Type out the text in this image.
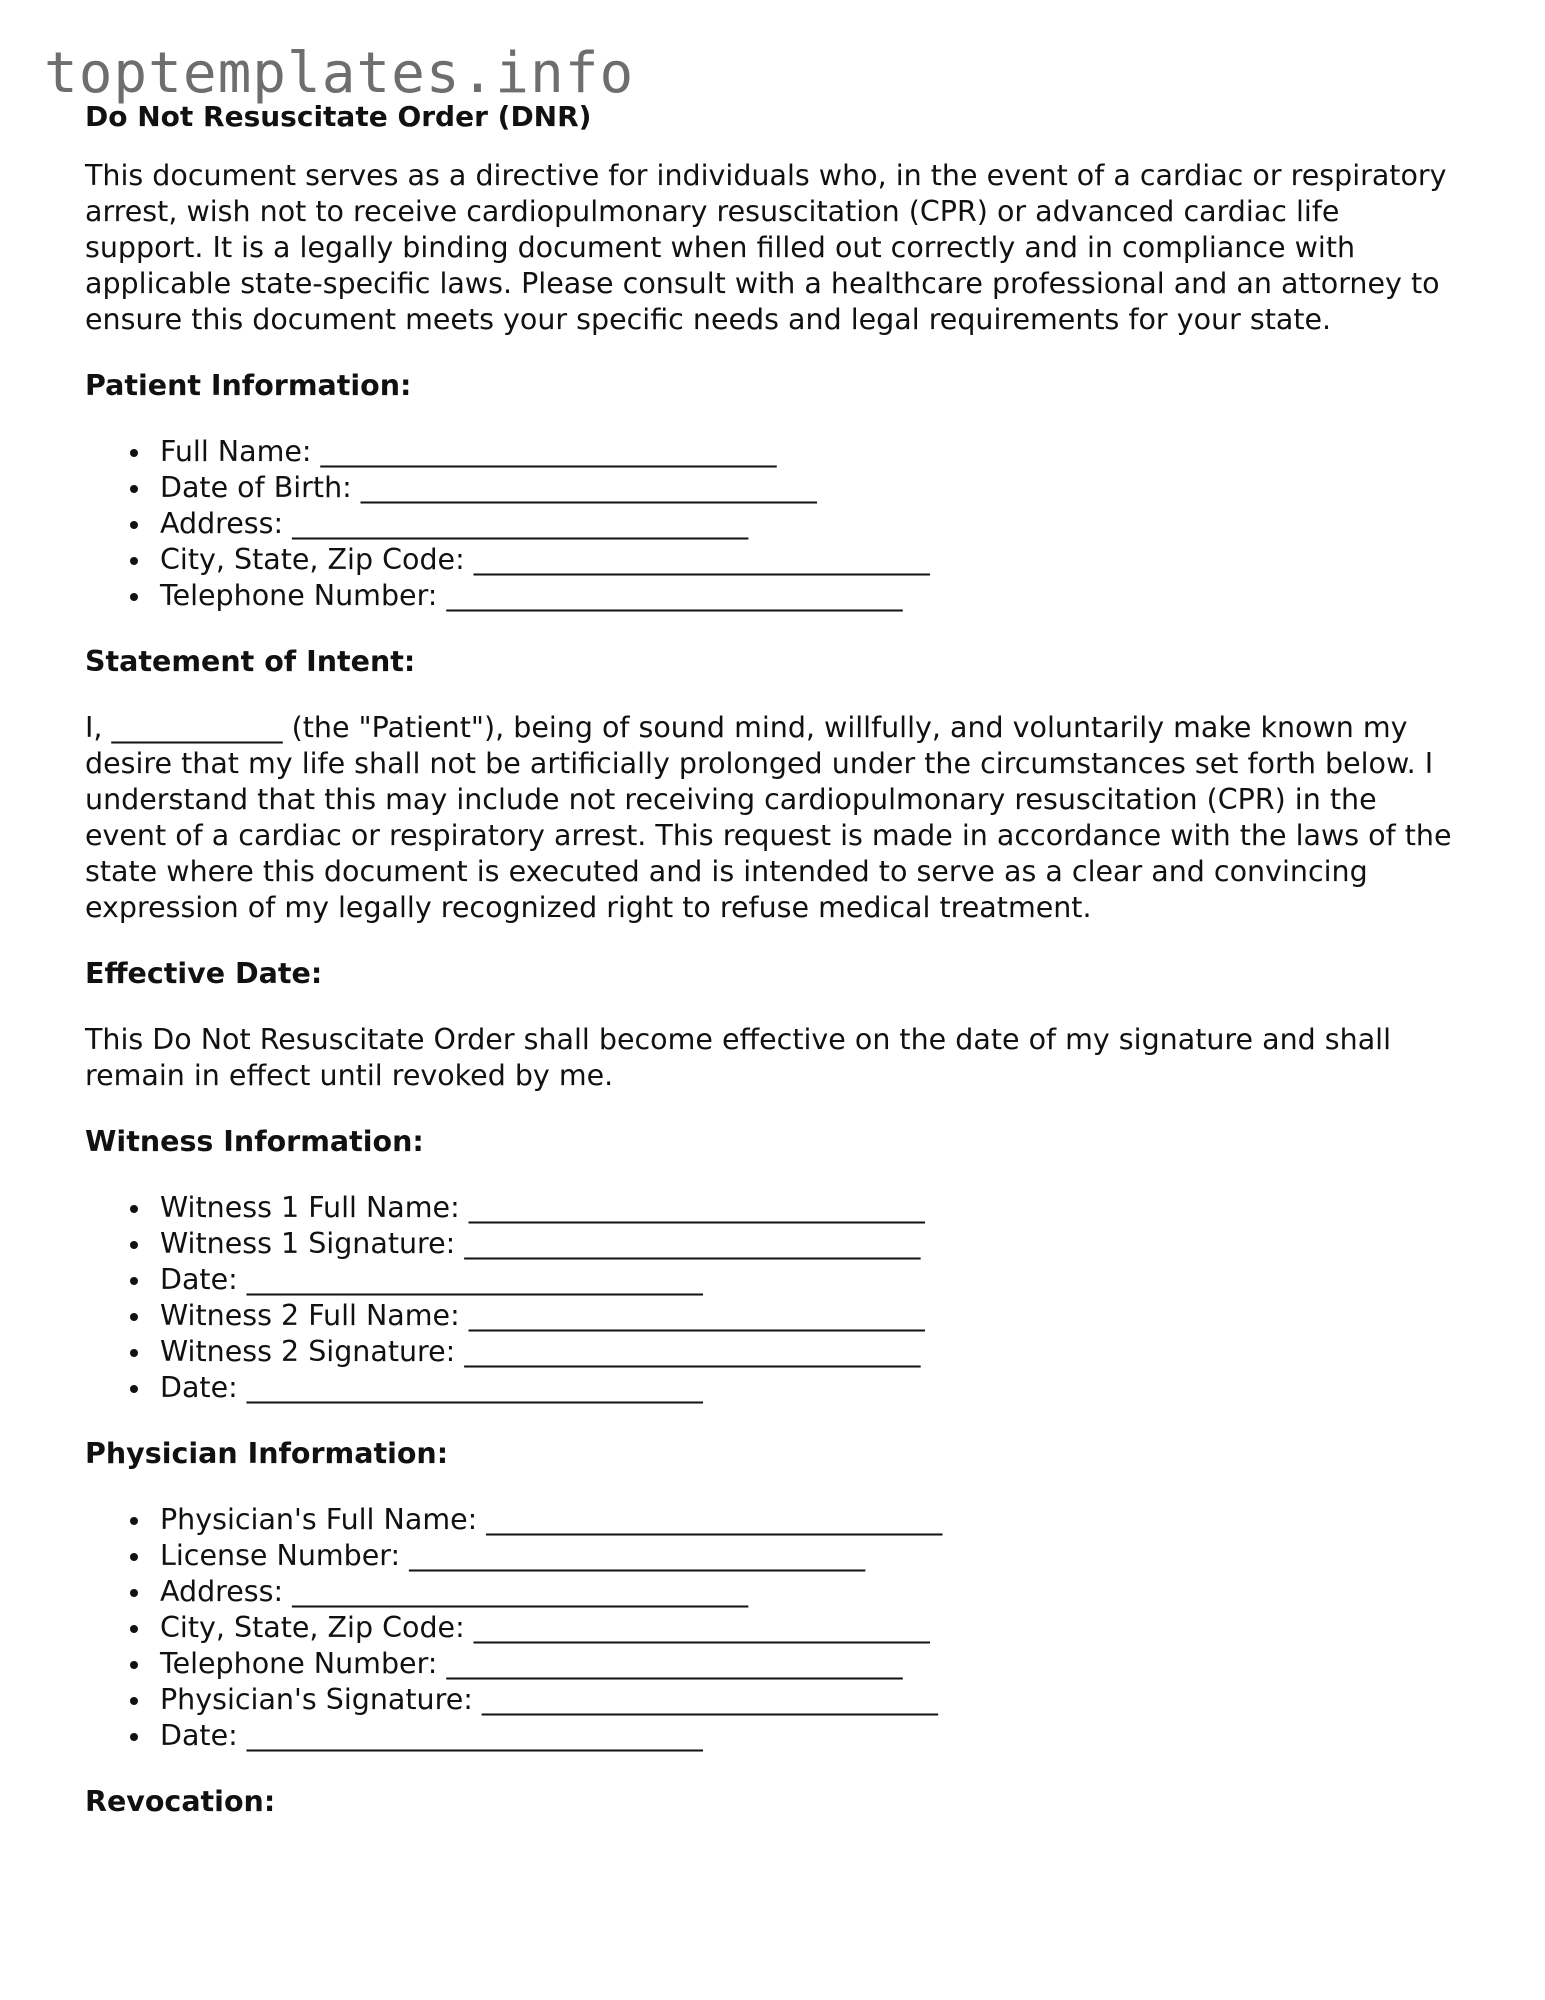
toptemplates.info
Do Not Resuscitate Order (DNR)

This document serves as a directive for individuals who, in the event of a cardiac or respiratory arrest, wish not to receive cardiopulmonary resuscitation (CPR) or advanced cardiac life support. It is a legally binding document when filled out correctly and in compliance with applicable state-specific laws. Please consult with a healthcare professional and an attorney to ensure this document meets your specific needs and legal requirements for your state.

Patient Information:
Full Name: ________________________________
Date of Birth: ________________________________
Address: ________________________________
City, State, Zip Code: ________________________________
Telephone Number: ________________________________
Statement of Intent:

I, ____________ (the "Patient"), being of sound mind, willfully, and voluntarily make known my desire that my life shall not be artificially prolonged under the circumstances set forth below. I understand that this may include not receiving cardiopulmonary resuscitation (CPR) in the event of a cardiac or respiratory arrest. This request is made in accordance with the laws of the state where this document is executed and is intended to serve as a clear and convincing expression of my legally recognized right to refuse medical treatment.

Effective Date:

This Do Not Resuscitate Order shall become effective on the date of my signature and shall remain in effect until revoked by me.

Witness Information:
Witness 1 Full Name: ________________________________
Witness 1 Signature: ________________________________
Date: ________________________________
Witness 2 Full Name: ________________________________
Witness 2 Signature: ________________________________
Date: ________________________________
Physician Information:
Physician's Full Name: ________________________________
License Number: ________________________________
Address: ________________________________
City, State, Zip Code: ________________________________
Telephone Number: ________________________________
Physician's Signature: ________________________________
Date: ________________________________
Revocation:
